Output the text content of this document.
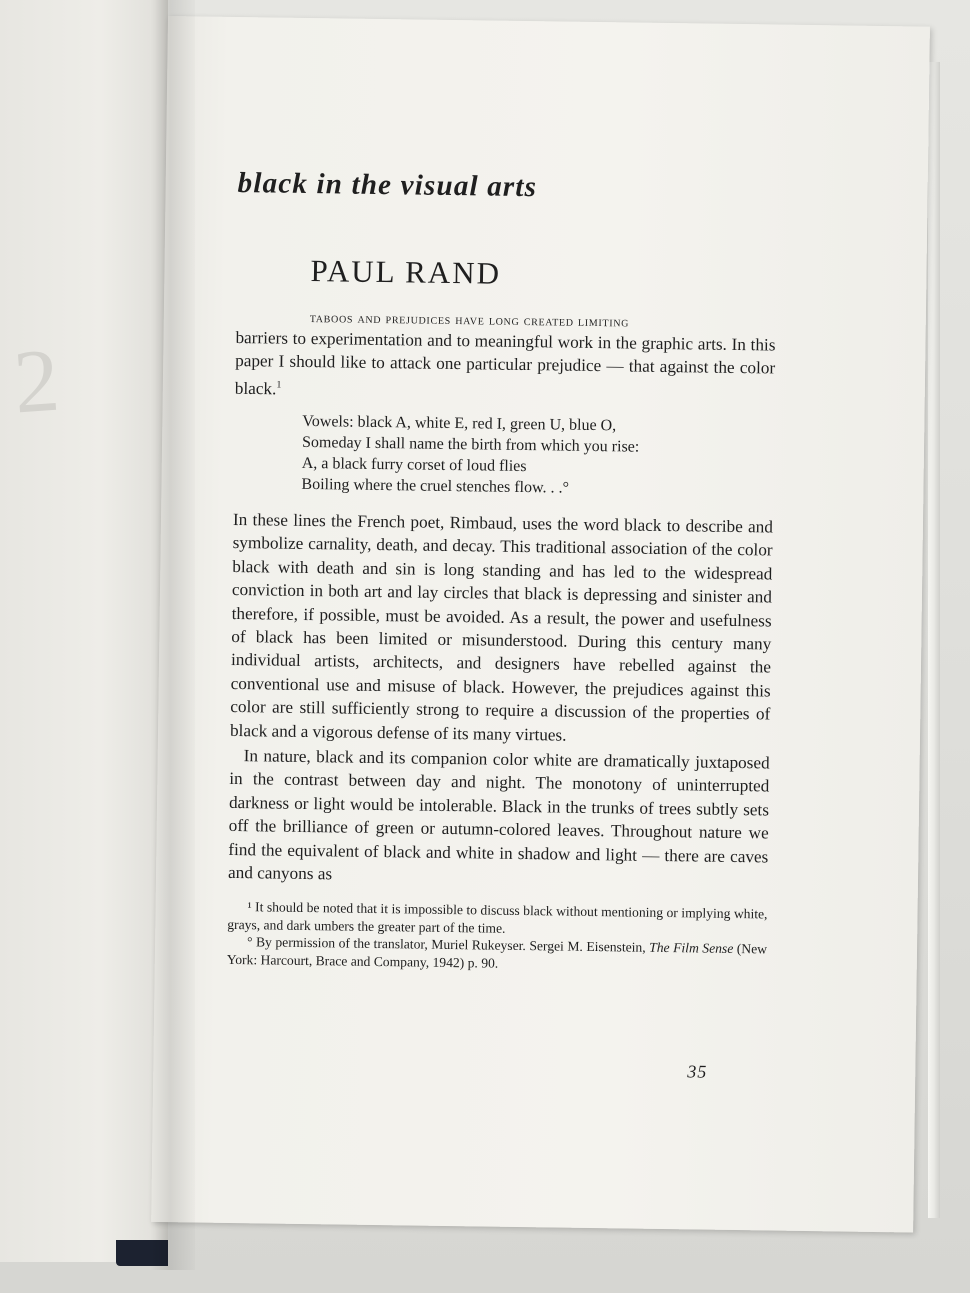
2
black in the visual arts
PAUL RAND
taboos and prejudices have long created limiting

barriers to experimentation and to meaningful work in the graphic arts. In this paper I should like to attack one particular prejudice — that against the color black.$^1$

Vowels: black A, white E, red I, green U, blue O,
Someday I shall name the birth from which you rise:
A, a black furry corset of loud flies
Boiling where the cruel stenches flow. . .°

In these lines the French poet, Rimbaud, uses the word black to describe and symbolize carnality, death, and decay. This traditional association of the color black with death and sin is long standing and has led to the widespread conviction in both art and lay circles that black is depressing and sinister and therefore, if possible, must be avoided. As a result, the power and usefulness of black has been limited or misunderstood. During this century many individual artists, architects, and designers have rebelled against the conventional use and misuse of black. However, the prejudices against this color are still sufficiently strong to require a discussion of the properties of black and a vigorous defense of its many virtues.

In nature, black and its companion color white are dramatically juxtaposed in the contrast between day and night. The monotony of uninterrupted darkness or light would be intolerable. Black in the trunks of trees subtly sets off the brilliance of green or autumn-colored leaves. Throughout nature we find the equivalent of black and white in shadow and light — there are caves and canyons as

¹ It should be noted that it is impossible to discuss black without mentioning or implying white, grays, and dark umbers the greater part of the time.
° By permission of the translator, Muriel Rukeyser. Sergei M. Eisenstein, The Film Sense (New York: Harcourt, Brace and Company, 1942) p. 90.
35
